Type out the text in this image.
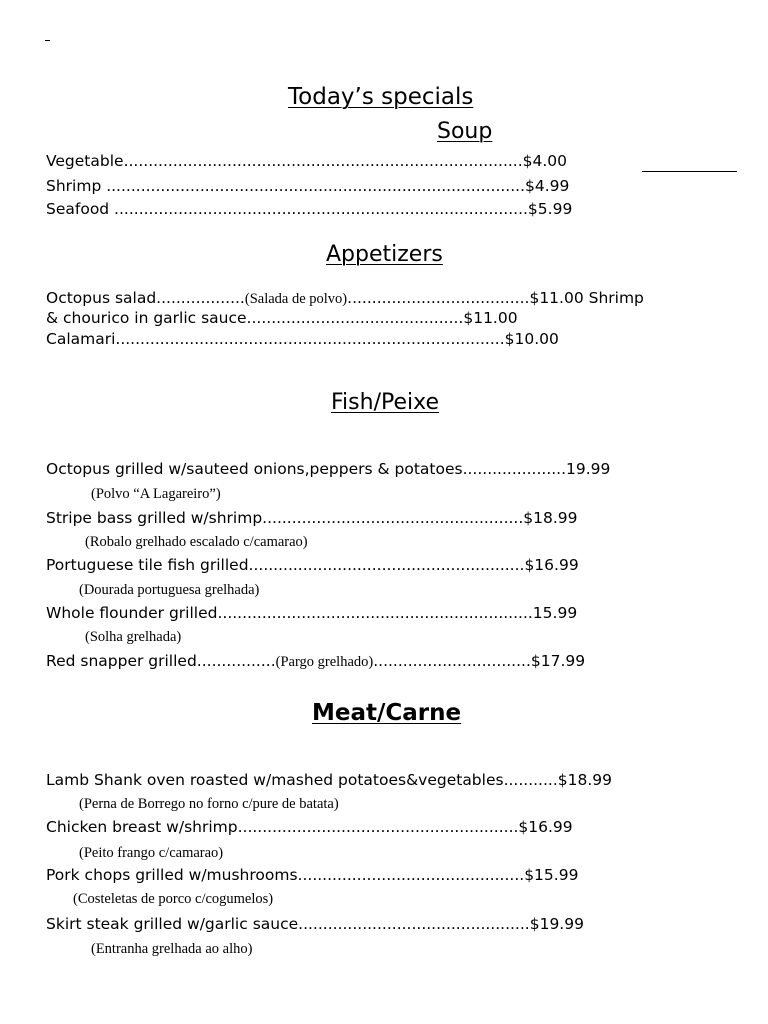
Today’s specials
Soup
Vegetable.................................................................................$4.00
Shrimp .....................................................................................$4.99
Seafood ....................................................................................$5.99
Appetizers
Octopus salad..................(Salada de polvo).....................................$11.00 Shrimp
& chourico in garlic sauce............................................$11.00
Calamari...............................................................................$10.00
Fish/Peixe
Octopus grilled w/sauteed onions,peppers & potatoes.....................19.99
(Polvo “A Lagareiro”)
Stripe bass grilled w/shrimp.....................................................$18.99
(Robalo grelhado escalado c/camarao)
Portuguese tile fish grilled........................................................$16.99
(Dourada portuguesa grelhada)
Whole flounder grilled................................................................15.99
(Solha grelhada)
Red snapper grilled................(Pargo grelhado)................................$17.99
Meat/Carne
Lamb Shank oven roasted w/mashed potatoes&vegetables...........$18.99
(Perna de Borrego no forno c/pure de batata)
Chicken breast w/shrimp.........................................................$16.99
(Peito frango c/camarao)
Pork chops grilled w/mushrooms..............................................$15.99
(Costeletas de porco c/cogumelos)
Skirt steak grilled w/garlic sauce...............................................$19.99
(Entranha grelhada ao alho)
